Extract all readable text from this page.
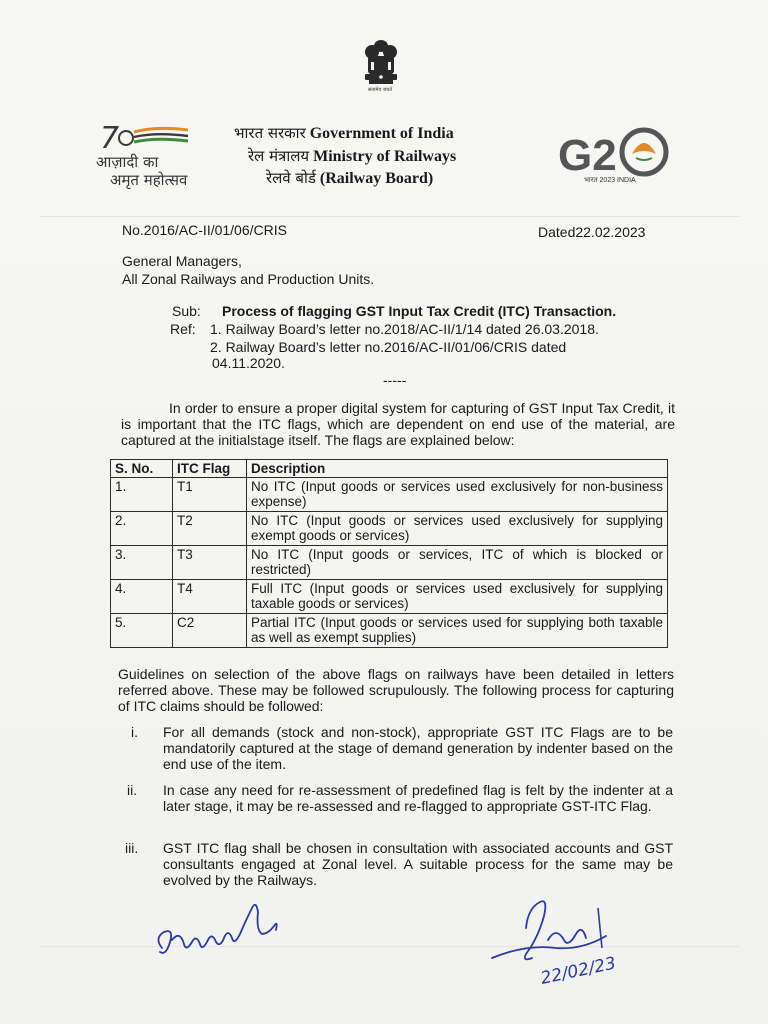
सत्यमेव जयते
7
आज़ादी का
अमृत महोत्सव
भारत सरकार Government of India
रेल मंत्रालय Ministry of Railways
रेलवे बोर्ड (Railway Board)	G2
भारत 2023 INDIA
No.2016/AC-II/01/06/CRIS	Dated22.02.2023
General Managers,
All Zonal Railways and Production Units.
Sub: Process of flagging GST Input Tax Credit (ITC) Transaction.
Ref: 1. Railway Board’s letter no.2018/AC-II/1/14 dated 26.03.2018.
2. Railway Board’s letter no.2016/AC-II/01/06/CRIS dated
04.11.2020.
-----
In order to ensure a proper digital system for capturing of GST Input Tax Credit, it is important that the ITC flags, which are dependent on end use of the material, are captured at the initialstage itself. The flags are explained below:
S. No.	ITC Flag	Description
1.	T1	No ITC (Input goods or services used exclusively for non-business expense)
2.	T2	No ITC (Input goods or services used exclusively for supplying exempt goods or services)
3.	T3	No ITC (Input goods or services, ITC of which is blocked or restricted)
4.	T4	Full ITC (Input goods or services used exclusively for supplying taxable goods or services)
5.	C2	Partial ITC (Input goods or services used for supplying both taxable as well as exempt supplies)
Guidelines on selection of the above flags on railways have been detailed in letters referred above. These may be followed scrupulously. The following process for capturing of ITC claims should be followed:
i. For all demands (stock and non-stock), appropriate GST ITC Flags are to be mandatorily captured at the stage of demand generation by indenter based on the end use of the item.
ii. In case any need for re-assessment of predefined flag is felt by the indenter at a later stage, it may be re-assessed and re-flagged to appropriate GST-ITC Flag.
iii. GST ITC flag shall be chosen in consultation with associated accounts and GST consultants engaged at Zonal level. A suitable process for the same may be evolved by the Railways.
22/02/23
